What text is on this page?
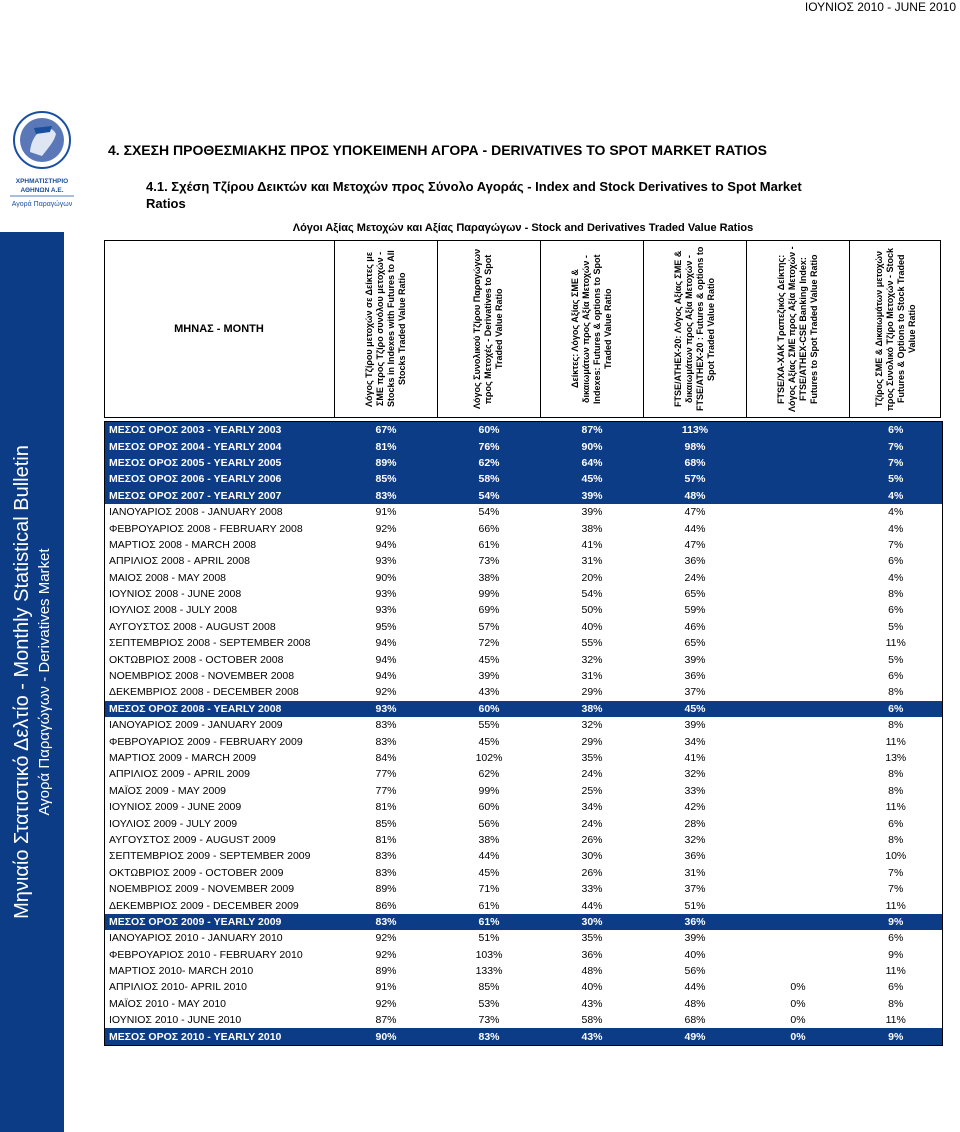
ΙΟΥΝΙΟΣ 2010 - JUNE 2010
ΧΡΗΜΑΤΙΣΤΗΡΙΟ
ΑΘΗΝΩΝ Α.Ε.
Αγορά Παραγώγων
Μηνιαίο Στατιστικό Δελτίο - Monthly Statistical Bulletin Αγορά Παραγώγων - Derivatives Market
4. ΣΧΕΣΗ ΠΡΟΘΕΣΜΙΑΚΗΣ ΠΡΟΣ ΥΠΟΚΕΙΜΕΝΗ ΑΓΟΡΑ - DERIVATIVES TO SPOT MARKET RATIOS
4.1. Σχέση Τζίρου Δεικτών και Μετοχών προς Σύνολο Αγοράς - Index and Stock Derivatives to Spot Market Ratios
Λόγοι Αξίας Μετοχών και Αξίας Παραγώγων - Stock and Derivatives Traded Value Ratios
ΜΗΝΑΣ - MONTH	Λόγος Τζίρου μετοχών σε Δείκτες με ΣΜΕ προς Τζίρο συνόλου μετοχών - Stocks in Indexes with Futures to All Stocks Traded Value Ratio	Λόγος Συνολικού Τζίρου Παραγώγων προς Μετοχές - Derivatives to Spot Traded Value Ratio	Δείκτες: Λόγος Αξίας ΣΜΕ & δικαιωμάτων προς Αξία Μετοχών - Indexes: Futures & options to Spot Traded Value Ratio	FTSE/ATHEX-20: Λόγος Αξίας ΣΜΕ & δικαιωμάτων προς Αξία Μετοχών - FTSE/ATHEX-20 : Futures & options to Spot Traded Value Ratio	FTSE/ΧΑ-ΧΑΚ Τραπεζικός Δείκτης: Λόγος Αξίας ΣΜΕ προς Αξία Μετοχών - FTSE/ATHEX-CSE Banking Index: Futures to Spot Traded Value Ratio	Τζίρος ΣΜΕ & Δικαιωμάτων μετοχών προς Συνολικό Τζίρο Μετοχών - Stock Futures & Options to Stock Traded Value Ratio
ΜΕΣΟΣ ΟΡΟΣ 2003 - YEARLY 2003	67%	60%	87%	113%		6%
ΜΕΣΟΣ ΟΡΟΣ 2004 - YEARLY 2004	81%	76%	90%	98%		7%
ΜΕΣΟΣ ΟΡΟΣ 2005 - YEARLY 2005	89%	62%	64%	68%		7%
ΜΕΣΟΣ ΟΡΟΣ 2006 - YEARLY 2006	85%	58%	45%	57%		5%
ΜΕΣΟΣ ΟΡΟΣ 2007 - YEARLY 2007	83%	54%	39%	48%		4%
ΙΑΝΟΥΑΡΙΟΣ 2008 - JANUARY 2008	91%	54%	39%	47%		4%
ΦΕΒΡΟΥΑΡΙΟΣ 2008 - FEBRUARY 2008	92%	66%	38%	44%		4%
ΜΑΡΤΙΟΣ 2008 - MARCH 2008	94%	61%	41%	47%		7%
ΑΠΡΙΛΙΟΣ 2008 - APRIL 2008	93%	73%	31%	36%		6%
ΜΑΙΟΣ 2008 - MAY 2008	90%	38%	20%	24%		4%
ΙΟΥΝΙΟΣ 2008 - JUNE 2008	93%	99%	54%	65%		8%
ΙΟΥΛΙΟΣ 2008 - JULY 2008	93%	69%	50%	59%		6%
ΑΥΓΟΥΣΤΟΣ 2008 - AUGUST 2008	95%	57%	40%	46%		5%
ΣΕΠΤΕΜΒΡΙΟΣ 2008 - SEPTEMBER 2008	94%	72%	55%	65%		11%
ΟΚΤΩΒΡΙΟΣ 2008 - OCTOBER 2008	94%	45%	32%	39%		5%
ΝΟΕΜΒΡΙΟΣ 2008 - NOVEMBER 2008	94%	39%	31%	36%		6%
ΔΕΚΕΜΒΡΙΟΣ 2008 - DECEMBER 2008	92%	43%	29%	37%		8%
ΜΕΣΟΣ ΟΡΟΣ 2008 - YEARLY 2008	93%	60%	38%	45%		6%
ΙΑΝΟΥΑΡΙΟΣ 2009 - JANUARY 2009	83%	55%	32%	39%		8%
ΦΕΒΡΟΥΑΡΙΟΣ 2009 - FEBRUARY 2009	83%	45%	29%	34%		11%
ΜΑΡΤΙΟΣ 2009 - MARCH 2009	84%	102%	35%	41%		13%
ΑΠΡΙΛΙΟΣ 2009 - APRIL 2009	77%	62%	24%	32%		8%
ΜΑΪΟΣ 2009 - MAY 2009	77%	99%	25%	33%		8%
ΙΟΥΝΙΟΣ 2009 - JUNE 2009	81%	60%	34%	42%		11%
ΙΟΥΛΙΟΣ 2009 - JULY 2009	85%	56%	24%	28%		6%
ΑΥΓΟΥΣΤΟΣ 2009 - AUGUST 2009	81%	38%	26%	32%		8%
ΣΕΠΤΕΜΒΡΙΟΣ 2009 - SEPTEMBER 2009	83%	44%	30%	36%		10%
ΟΚΤΩΒΡΙΟΣ 2009 - OCTOBER 2009	83%	45%	26%	31%		7%
ΝΟΕΜΒΡΙΟΣ 2009 - NOVEMBER 2009	89%	71%	33%	37%		7%
ΔΕΚΕΜΒΡΙΟΣ 2009 - DECEMBER 2009	86%	61%	44%	51%		11%
ΜΕΣΟΣ ΟΡΟΣ 2009 - YEARLY 2009	83%	61%	30%	36%		9%
ΙΑΝΟΥΑΡΙΟΣ 2010 - JANUARY 2010	92%	51%	35%	39%		6%
ΦΕΒΡΟΥΑΡΙΟΣ 2010 - FEBRUARY 2010	92%	103%	36%	40%		9%
ΜΑΡΤΙΟΣ 2010- MARCH 2010	89%	133%	48%	56%		11%
ΑΠΡΙΛΙΟΣ 2010- APRIL 2010	91%	85%	40%	44%	0%	6%
ΜΑΪΟΣ 2010 - MAY 2010	92%	53%	43%	48%	0%	8%
ΙΟΥΝΙΟΣ 2010 - JUNE 2010	87%	73%	58%	68%	0%	11%
ΜΕΣΟΣ ΟΡΟΣ 2010 - YEARLY 2010	90%	83%	43%	49%	0%	9%
